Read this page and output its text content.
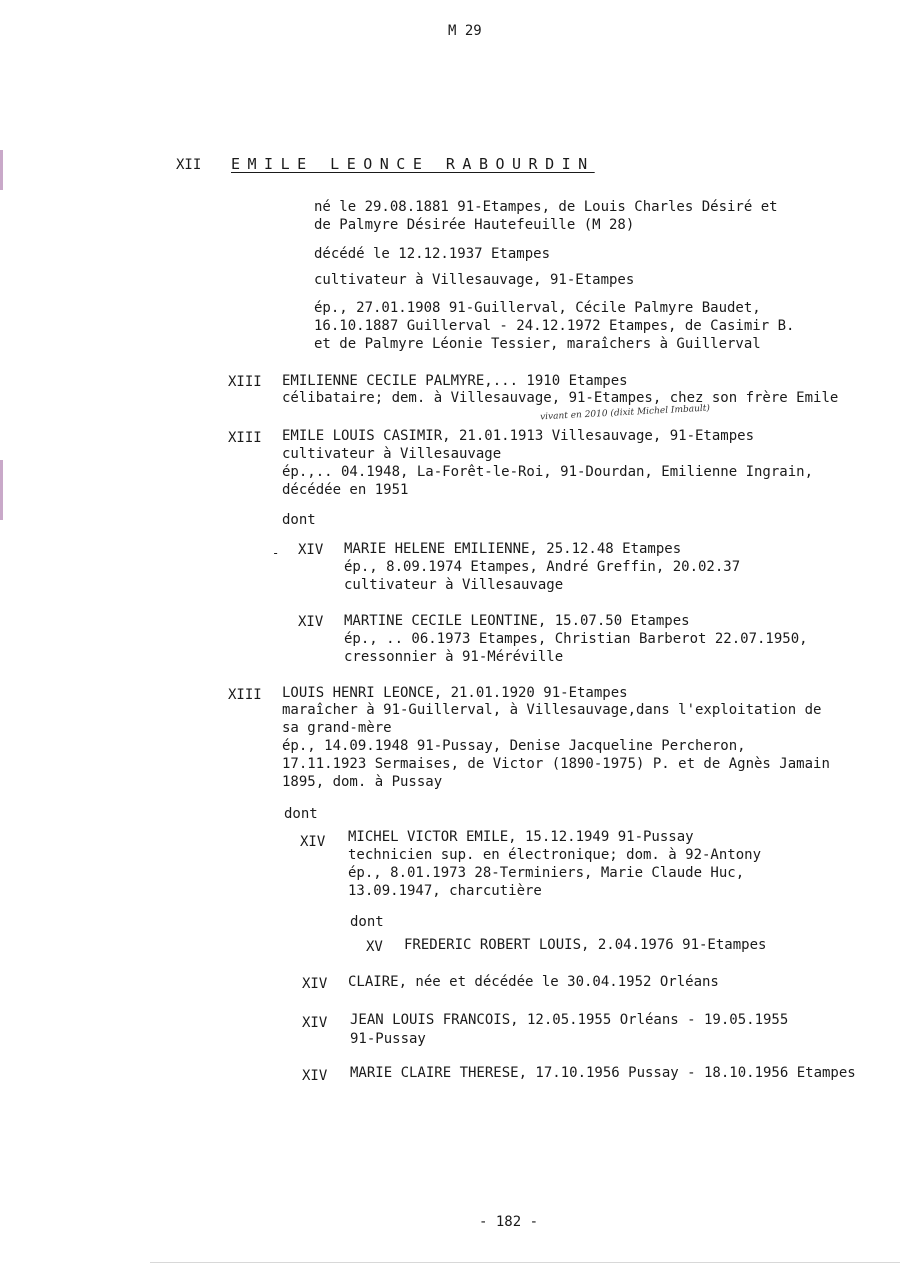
M 29
XII EMILE LEONCE RABOURDIN
né le 29.08.1881 91-Etampes, de Louis Charles Désiré et
de Palmyre Désirée Hautefeuille (M 28)
décédé le 12.12.1937 Etampes
cultivateur à Villesauvage, 91-Etampes
ép., 27.01.1908 91-Guillerval, Cécile Palmyre Baudet,
16.10.1887 Guillerval - 24.12.1972 Etampes, de Casimir B.
et de Palmyre Léonie Tessier, maraîchers à Guillerval
XIII EMILIENNE CECILE PALMYRE,... 1910 Etampes
célibataire; dem. à Villesauvage, 91-Etampes, chez son frère Emile
vivant en 2010 (dixit Michel Imbault)
XIII EMILE LOUIS CASIMIR, 21.01.1913 Villesauvage, 91-Etampes
cultivateur à Villesauvage
ép.,.. 04.1948, La-Forêt-le-Roi, 91-Dourdan, Emilienne Ingrain,
décédée en 1951
dont
- XIV MARIE HELENE EMILIENNE, 25.12.48 Etampes
ép., 8.09.1974 Etampes, André Greffin, 20.02.37
cultivateur à Villesauvage
XIV MARTINE CECILE LEONTINE, 15.07.50 Etampes
ép., .. 06.1973 Etampes, Christian Barberot 22.07.1950,
cressonnier à 91-Méréville
XIII LOUIS HENRI LEONCE, 21.01.1920 91-Etampes
maraîcher à 91-Guillerval, à Villesauvage,dans l'exploitation de
sa grand-mère
ép., 14.09.1948 91-Pussay, Denise Jacqueline Percheron,
17.11.1923 Sermaises, de Victor (1890-1975) P. et de Agnès Jamain
1895, dom. à Pussay
dont
XIV MICHEL VICTOR EMILE, 15.12.1949 91-Pussay
technicien sup. en électronique; dom. à 92-Antony
ép., 8.01.1973 28-Terminiers, Marie Claude Huc,
13.09.1947, charcutière
dont
XV FREDERIC ROBERT LOUIS, 2.04.1976 91-Etampes
XIV CLAIRE, née et décédée le 30.04.1952 Orléans
XIV JEAN LOUIS FRANCOIS, 12.05.1955 Orléans - 19.05.1955
91-Pussay
XIV MARIE CLAIRE THERESE, 17.10.1956 Pussay - 18.10.1956 Etampes
- 182 -
